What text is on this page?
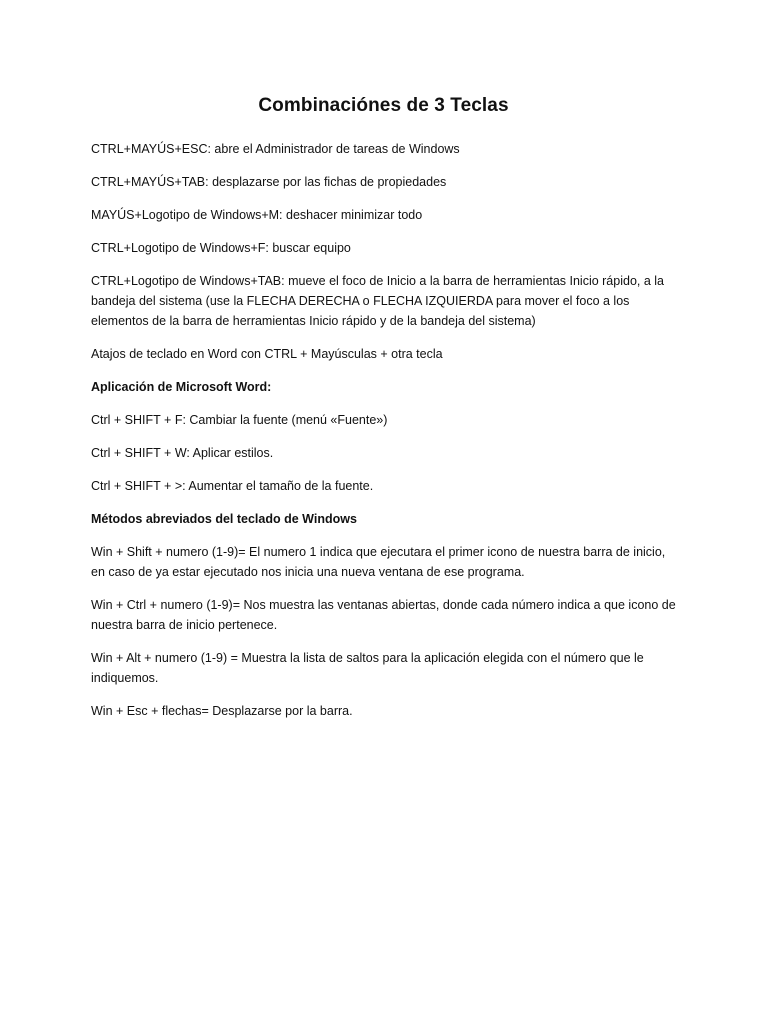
Combinaciónes de 3 Teclas

CTRL+MAYÚS+ESC: abre el Administrador de tareas de Windows

CTRL+MAYÚS+TAB: desplazarse por las fichas de propiedades

MAYÚS+Logotipo de Windows+M: deshacer minimizar todo

CTRL+Logotipo de Windows+F: buscar equipo

CTRL+Logotipo de Windows+TAB: mueve el foco de Inicio a la barra de herramientas Inicio rápido, a la bandeja del sistema (use la FLECHA DERECHA o FLECHA IZQUIERDA para mover el foco a los elementos de la barra de herramientas Inicio rápido y de la bandeja del sistema)

Atajos de teclado en Word con CTRL + Mayúsculas + otra tecla

Aplicación de Microsoft Word:

Ctrl + SHIFT + F: Cambiar la fuente (menú «Fuente»)

Ctrl + SHIFT + W: Aplicar estilos.

Ctrl + SHIFT + >: Aumentar el tamaño de la fuente.

Métodos abreviados del teclado de Windows

Win + Shift + numero (1-9)= El numero 1 indica que ejecutara el primer icono de nuestra barra de inicio, en caso de ya estar ejecutado nos inicia una nueva ventana de ese programa.

Win + Ctrl + numero (1-9)= Nos muestra las ventanas abiertas, donde cada número indica a que icono de nuestra barra de inicio pertenece.

Win + Alt + numero (1-9) = Muestra la lista de saltos para la aplicación elegida con el número que le indiquemos.

Win + Esc + flechas= Desplazarse por la barra.
